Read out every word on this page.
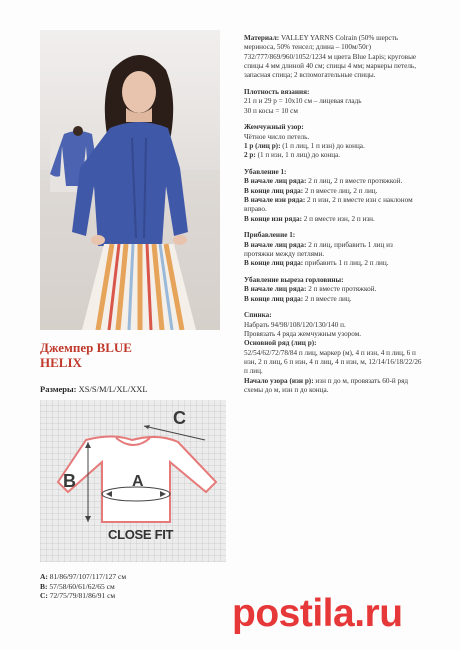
Джемпер BLUE
HELIX
Размеры: XS/S/M/L/XL/XXL
C
B	A
CLOSE FIT
A: 81/86/97/107/117/127 см
B: 57/58/60/61/62/65 см
C: 72/75/79/81/86/91 см

Материал: VALLEY YARNS Colrain (50% шерсть мериноса, 50% тенсел; длина – 100м/50г) 732/777/869/960/1052/1234 м цвета Blue Lapis; круговые спицы 4 мм длиной 40 см; спицы 4 мм; маркеры петель, запасная спица; 2 вспомогательные спицы.

Плотность вязания:

21 п и 29 р = 10х10 см – лицевая гладь

30 п косы = 10 см

Жемчужный узор:

Чётное число петель.

1 р (лиц р): (1 п лиц, 1 п изн) до конца.

2 р: (1 п изн, 1 п лиц) до конца.

Убавление 1:

В начале лиц ряда: 2 п лиц, 2 п вместе протяжкой.

В конце лиц ряда: 2 п вместе лиц, 2 п лиц.

В начале изн ряда: 2 п изн, 2 п вместе изн с наклоном вправо.

В конце изн ряда: 2 п вместе изн, 2 п изн.

Прибавление 1:

В начале лиц ряда: 2 п лиц, прибавить 1 лиц из протяжки между петлями.

В конце лиц ряда: прибавить 1 п лиц, 2 п лиц.

Убавление выреза горловины:

В начале лиц ряда: 2 п вместе протяжкой.

В конце лиц ряда: 2 п вместе лиц.

Спинка:

Набрать 94/98/108/120/130/140 п.

Провязать 4 ряда жемчужным узором.

Основной ряд (лиц р):

52/54/62/72/78/84 п лиц, маркер (м), 4 п изн, 4 п лиц, 6 п изн, 2 п лиц, 6 п изн, 4 п лиц, 4 п изн, м, 12/14/16/18/22/26 п лиц.

Начало узора (изн р): изн п до м, провязать 60-й ряд схемы до м, изн п до конца.

postila.ru
